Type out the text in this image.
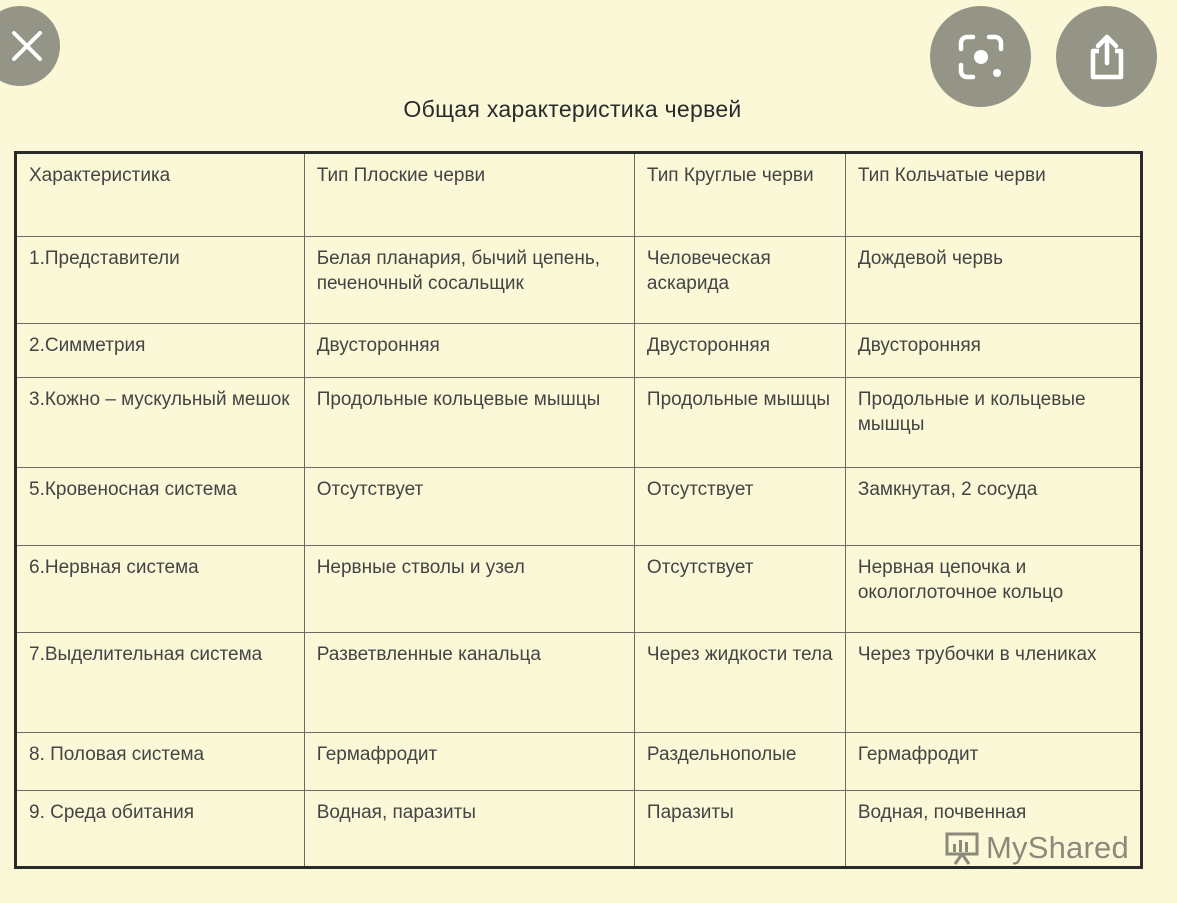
Общая характеристика червей
Характеристика	Тип Плоские черви	Тип Круглые черви	Тип Кольчатые черви
1.Представители	Белая планария, бычий цепень, печеночный сосальщик	Человеческая аскарида	Дождевой червь
2.Симметрия	Двусторонняя	Двусторонняя	Двусторонняя
3.Кожно – мускульный мешок	Продольные кольцевые мышцы	Продольные мышцы	Продольные и кольцевые мышцы
5.Кровеносная система	Отсутствует	Отсутствует	Замкнутая, 2 сосуда
6.Нервная система	Нервные стволы и узел	Отсутствует	Нервная цепочка и окологлоточное кольцо
7.Выделительная система	Разветвленные канальца	Через жидкости тела	Через трубочки в члениках
8. Половая система	Гермафродит	Раздельнополые	Гермафродит
9. Среда обитания	Водная, паразиты	Паразиты	Водная, почвенная
MyShared
